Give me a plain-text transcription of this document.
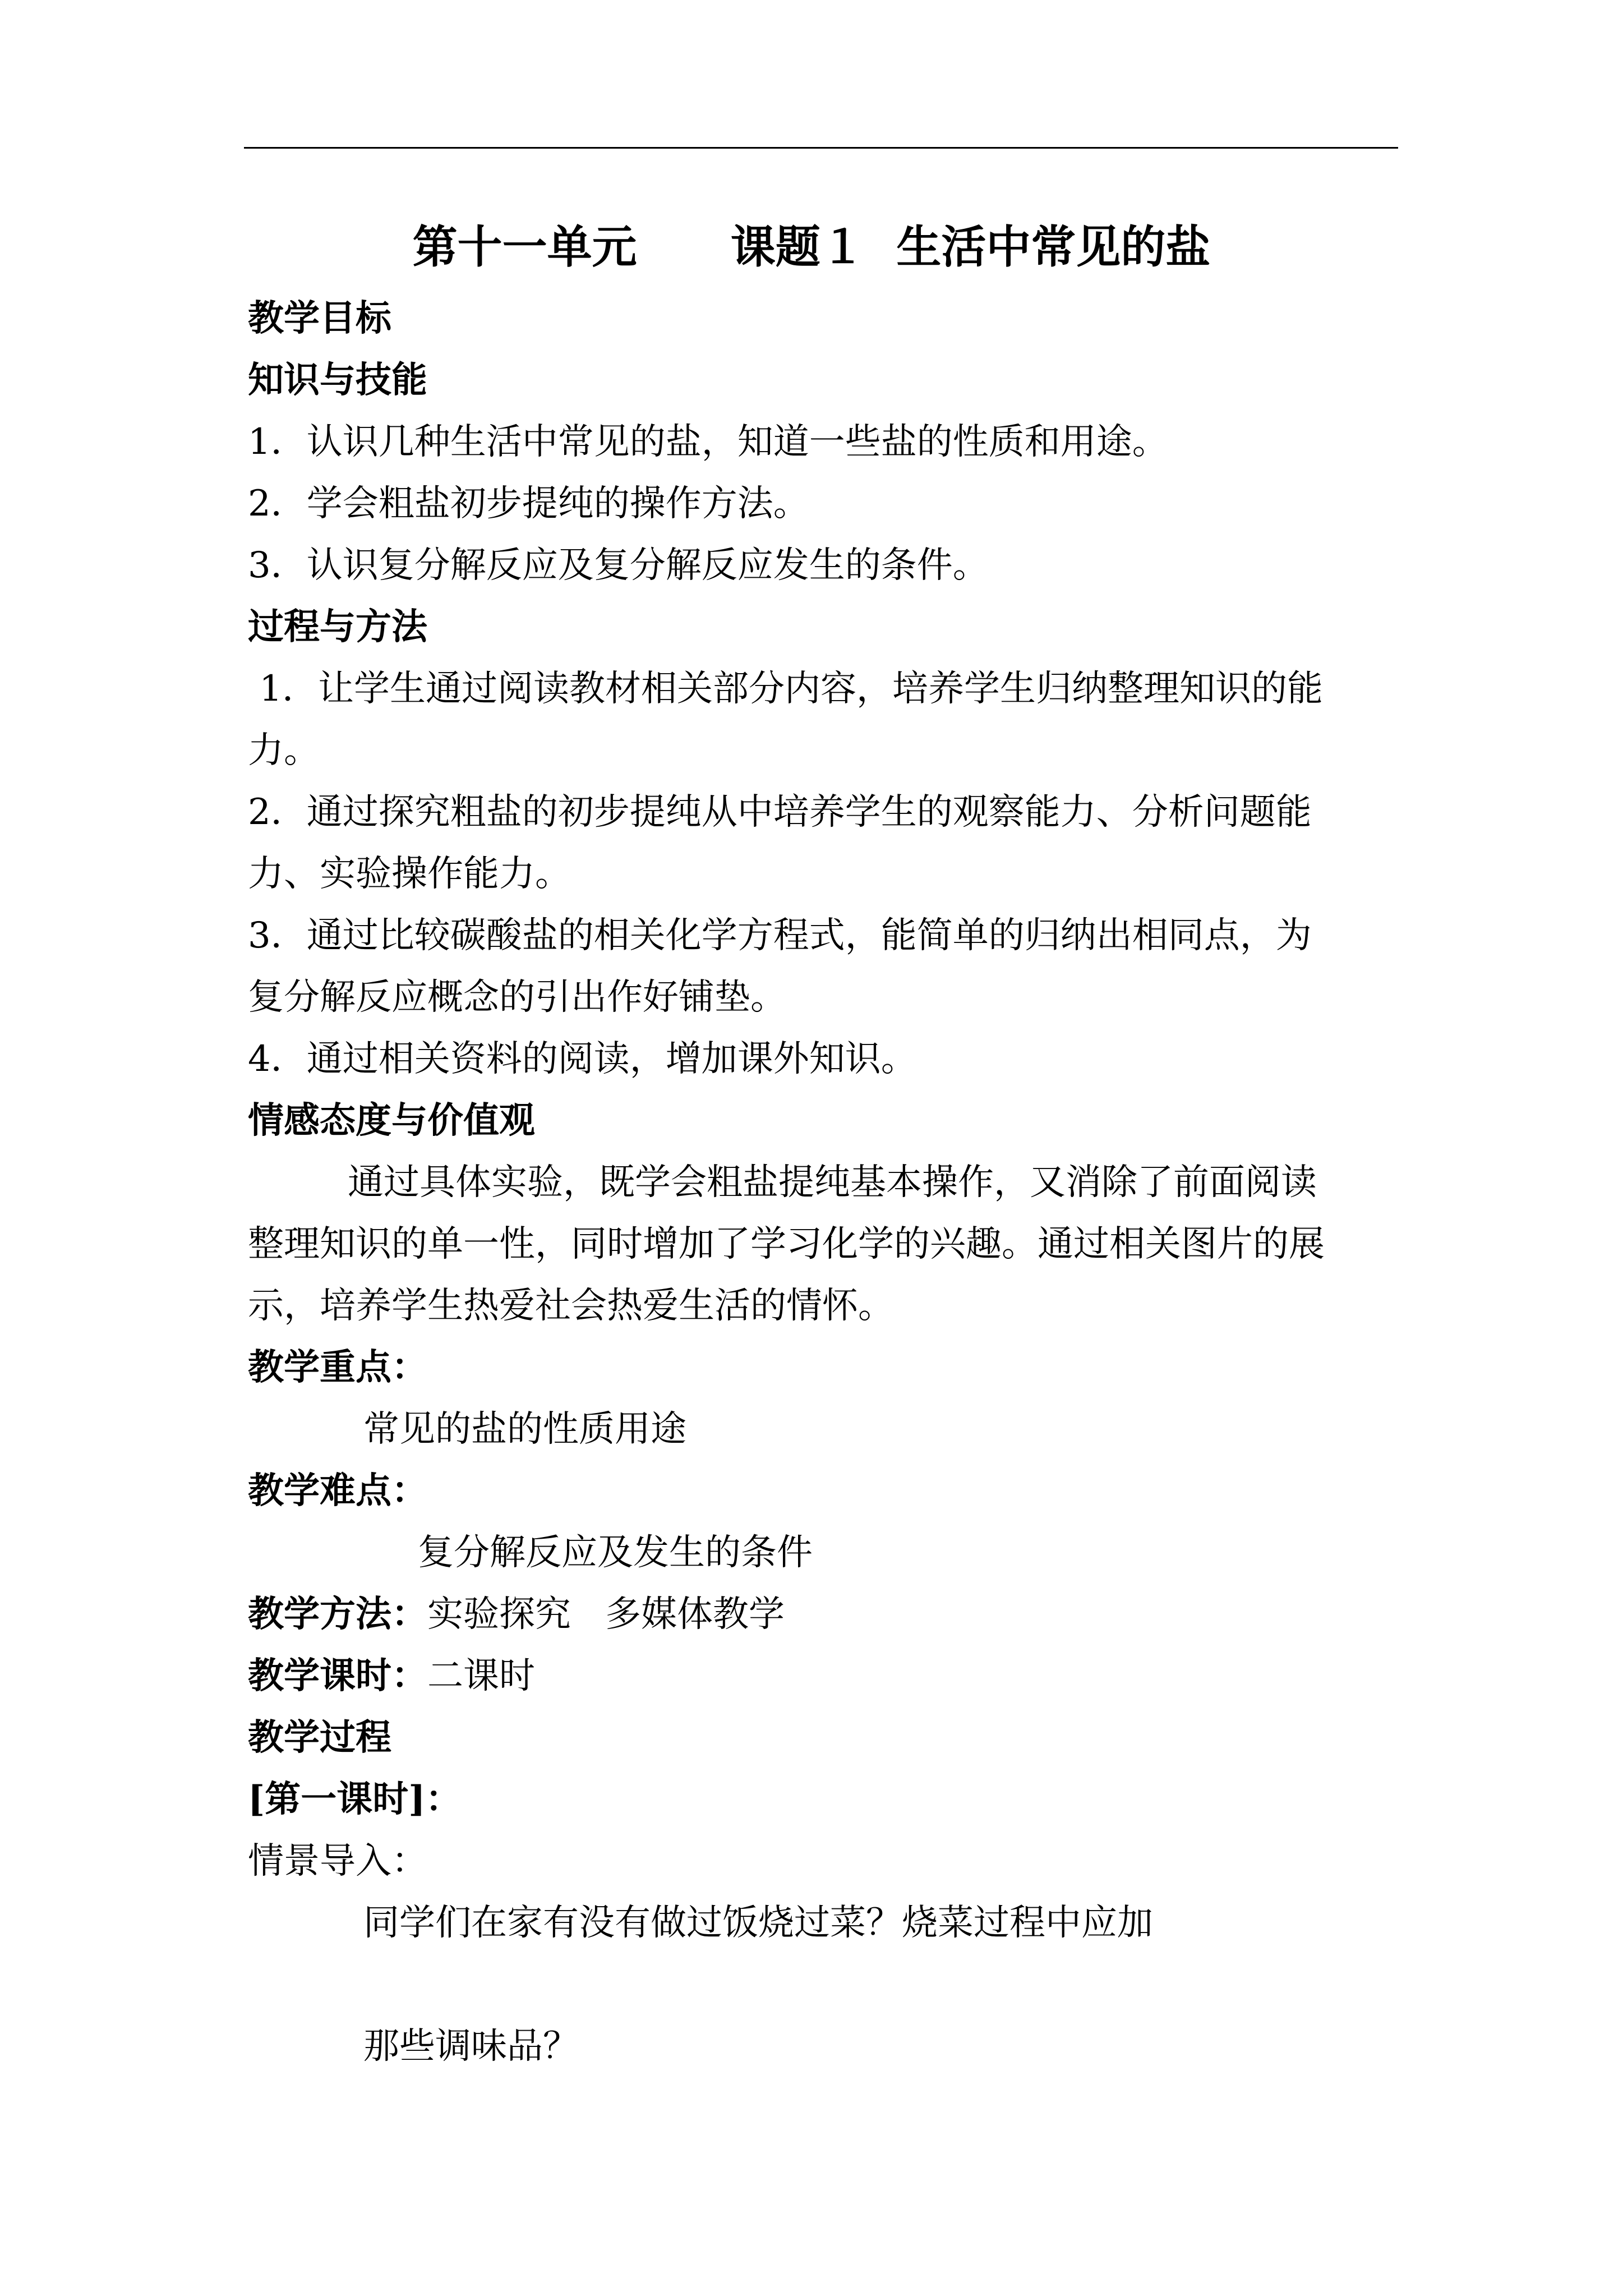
第十一单元      课题１  生活中常见的盐
教学目标
知识与技能
1．认识几种生活中常见的盐，知道一些盐的性质和用途。
2．学会粗盐初步提纯的操作方法。
3．认识复分解反应及复分解反应发生的条件。
过程与方法
1．让学生通过阅读教材相关部分内容，培养学生归纳整理知识的能
力。
2．通过探究粗盐的初步提纯从中培养学生的观察能力、分析问题能
力、实验操作能力。
3．通过比较碳酸盐的相关化学方程式，能简单的归纳出相同点，为
复分解反应概念的引出作好铺垫。
4．通过相关资料的阅读，增加课外知识。
情感态度与价值观
通过具体实验，既学会粗盐提纯基本操作，又消除了前面阅读
整理知识的单一性，同时增加了学习化学的兴趣。通过相关图片的展
示，培养学生热爱社会热爱生活的情怀。
教学重点：
常见的盐的性质用途
教学难点：
复分解反应及发生的条件
教学方法：实验探究   多媒体教学
教学课时：二课时
教学过程
[第一课时]：
情景导入：
同学们在家有没有做过饭烧过菜？烧菜过程中应加
那些调味品？
